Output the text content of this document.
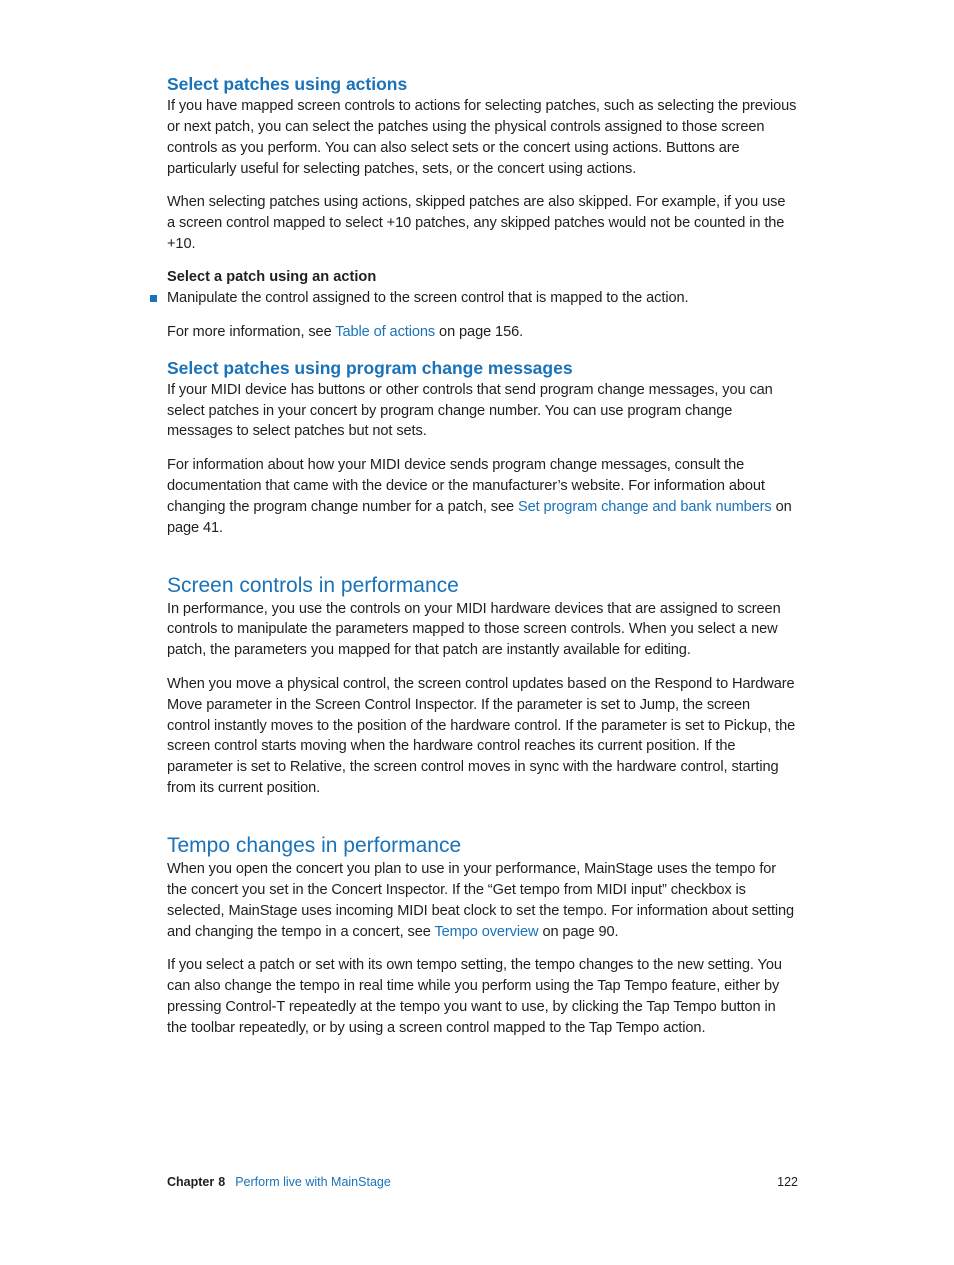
Select patches using actions

If you have mapped screen controls to actions for selecting patches, such as selecting the previous or next patch, you can select the patches using the physical controls assigned to those screen controls as you perform. You can also select sets or the concert using actions. Buttons are particularly useful for selecting patches, sets, or the concert using actions.

When selecting patches using actions, skipped patches are also skipped. For example, if you use a screen control mapped to select +10 patches, any skipped patches would not be counted in the +10.

Select a patch using an action

Manipulate the control assigned to the screen control that is mapped to the action.

For more information, see Table of actions on page 156.

Select patches using program change messages

If your MIDI device has buttons or other controls that send program change messages, you can select patches in your concert by program change number. You can use program change messages to select patches but not sets.

For information about how your MIDI device sends program change messages, consult the documentation that came with the device or the manufacturer’s website. For information about changing the program change number for a patch, see Set program change and bank numbers on page 41.

Screen controls in performance

In performance, you use the controls on your MIDI hardware devices that are assigned to screen controls to manipulate the parameters mapped to those screen controls. When you select a new patch, the parameters you mapped for that patch are instantly available for editing.

When you move a physical control, the screen control updates based on the Respond to Hardware Move parameter in the Screen Control Inspector. If the parameter is set to Jump, the screen control instantly moves to the position of the hardware control. If the parameter is set to Pickup, the screen control starts moving when the hardware control reaches its current position. If the parameter is set to Relative, the screen control moves in sync with the hardware control, starting from its current position.

Tempo changes in performance

When you open the concert you plan to use in your performance, MainStage uses the tempo for the concert you set in the Concert Inspector. If the “Get tempo from MIDI input” checkbox is selected, MainStage uses incoming MIDI beat clock to set the tempo. For information about setting and changing the tempo in a concert, see Tempo overview on page 90.

If you select a patch or set with its own tempo setting, the tempo changes to the new setting. You can also change the tempo in real time while you perform using the Tap Tempo feature, either by pressing Control-T repeatedly at the tempo you want to use, by clicking the Tap Tempo button in the toolbar repeatedly, or by using a screen control mapped to the Tap Tempo action.

Chapter 8 Perform live with MainStage	122
